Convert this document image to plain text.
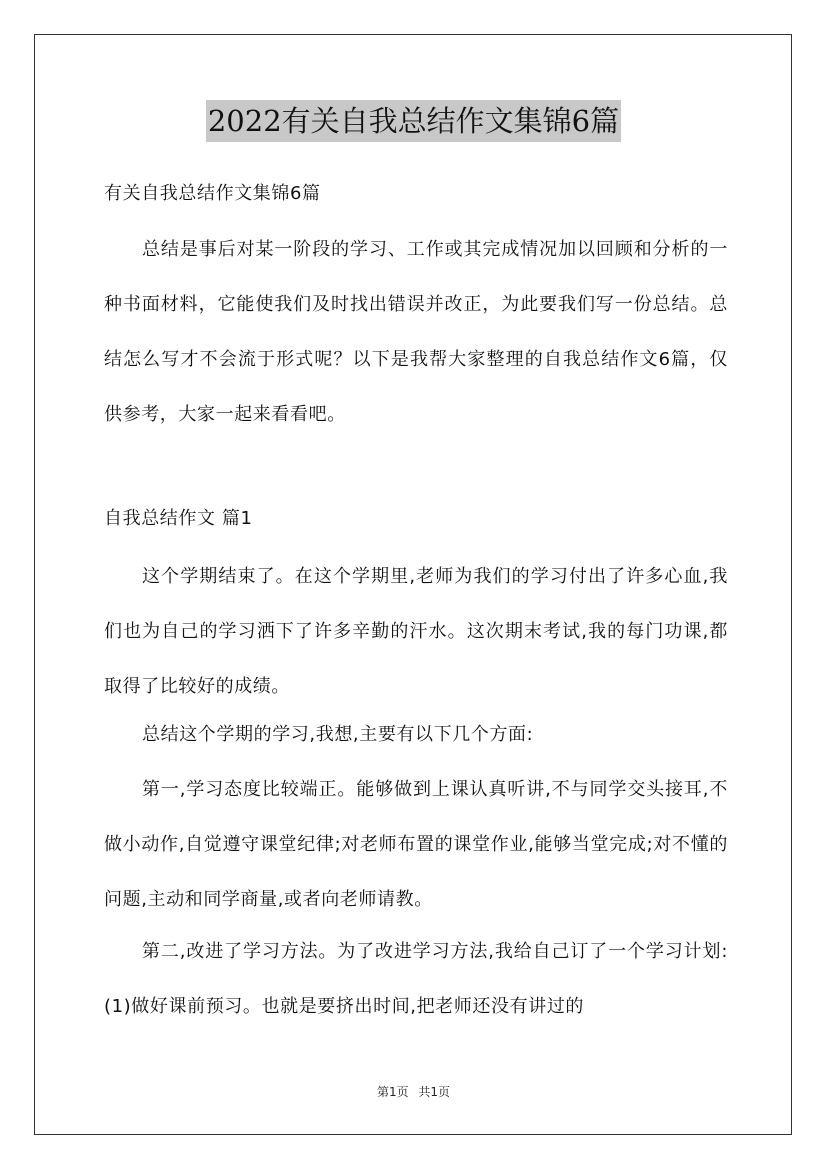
2022有关自我总结作文集锦6篇
有关自我总结作文集锦6篇

总结是事后对某一阶段的学习、工作或其完成情况加以回顾和分析的一种书面材料，它能使我们及时找出错误并改正，为此要我们写一份总结。总结怎么写才不会流于形式呢？以下是我帮大家整理的自我总结作文6篇，仅供参考，大家一起来看看吧。

自我总结作文 篇1

这个学期结束了。在这个学期里,老师为我们的学习付出了许多心血,我们也为自己的学习洒下了许多辛勤的汗水。这次期末考试,我的每门功课,都取得了比较好的成绩。

总结这个学期的学习,我想,主要有以下几个方面:

第一,学习态度比较端正。能够做到上课认真听讲,不与同学交头接耳,不做小动作,自觉遵守课堂纪律;对老师布置的课堂作业,能够当堂完成;对不懂的问题,主动和同学商量,或者向老师请教。

第二,改进了学习方法。为了改进学习方法,我给自己订了一个学习计划:(1)做好课前预习。也就是要挤出时间,把老师还没有讲过的

第1页 共1页
